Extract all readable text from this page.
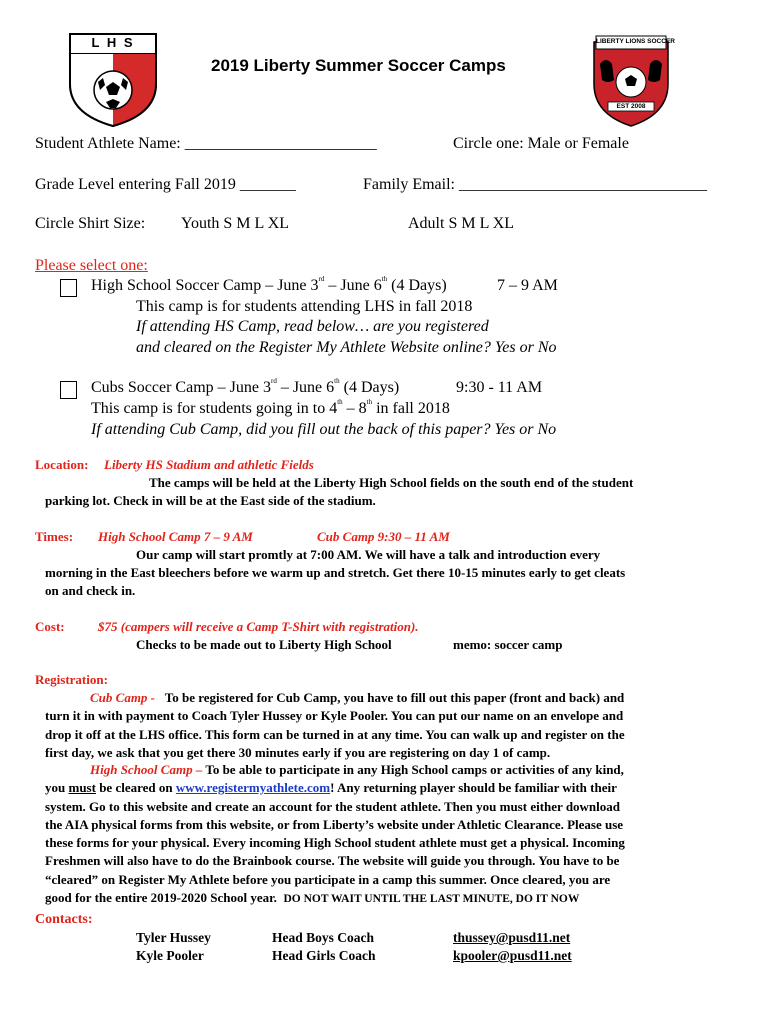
L H S	LIBERTY LIONS SOCCER
EST 2008
2019 Liberty Summer Soccer Camps
Student Athlete Name: ________________________	Circle one: Male or Female
Grade Level entering Fall 2019 _______	Family Email: _______________________________
Circle Shirt Size: Youth S M L XL	Adult S M L XL
Please select one:
High School Soccer Camp – June 3rd – June 6th (4 Days)	7 – 9 AM
This camp is for students attending LHS in fall 2018
If attending HS Camp, read below… are you registered
and cleared on the Register My Athlete Website online? Yes or No
Cubs Soccer Camp – June 3rd – June 6th (4 Days)	9:30 - 11 AM
This camp is for students going in to 4th – 8th in fall 2018
If attending Cub Camp, did you fill out the back of this paper? Yes or No
Location: Liberty HS Stadium and athletic Fields
The camps will be held at the Liberty High School fields on the south end of the student
parking lot. Check in will be at the East side of the stadium.
Times: High School Camp 7 – 9 AM	Cub Camp 9:30 – 11 AM
Our camp will start promtly at 7:00 AM. We will have a talk and introduction every
morning in the East bleechers before we warm up and stretch. Get there 10-15 minutes early to get cleats
on and check in.
Cost:	$75 (campers will receive a Camp T-Shirt with registration).
Checks to be made out to Liberty High School	memo: soccer camp
Registration:
Cub Camp - To be registered for Cub Camp, you have to fill out this paper (front and back) and
turn it in with payment to Coach Tyler Hussey or Kyle Pooler. You can put our name on an envelope and
drop it off at the LHS office. This form can be turned in at any time. You can walk up and register on the
first day, we ask that you get there 30 minutes early if you are registering on day 1 of camp.
High School Camp – To be able to participate in any High School camps or activities of any kind,
you must be cleared on www.registermyathlete.com! Any returning player should be familiar with their
system. Go to this website and create an account for the student athlete. Then you must either download
the AIA physical forms from this website, or from Liberty’s website under Athletic Clearance. Please use
these forms for your physical. Every incoming High School student athlete must get a physical. Incoming
Freshmen will also have to do the Brainbook course. The website will guide you through. You have to be
“cleared” on Register My Athlete before you participate in a camp this summer. Once cleared, you are
good for the entire 2019-2020 School year. DO NOT WAIT UNTIL THE LAST MINUTE, DO IT NOW
Contacts:
Tyler Hussey	Head Boys Coach	thussey@pusd11.net
Kyle Pooler	Head Girls Coach	kpooler@pusd11.net
